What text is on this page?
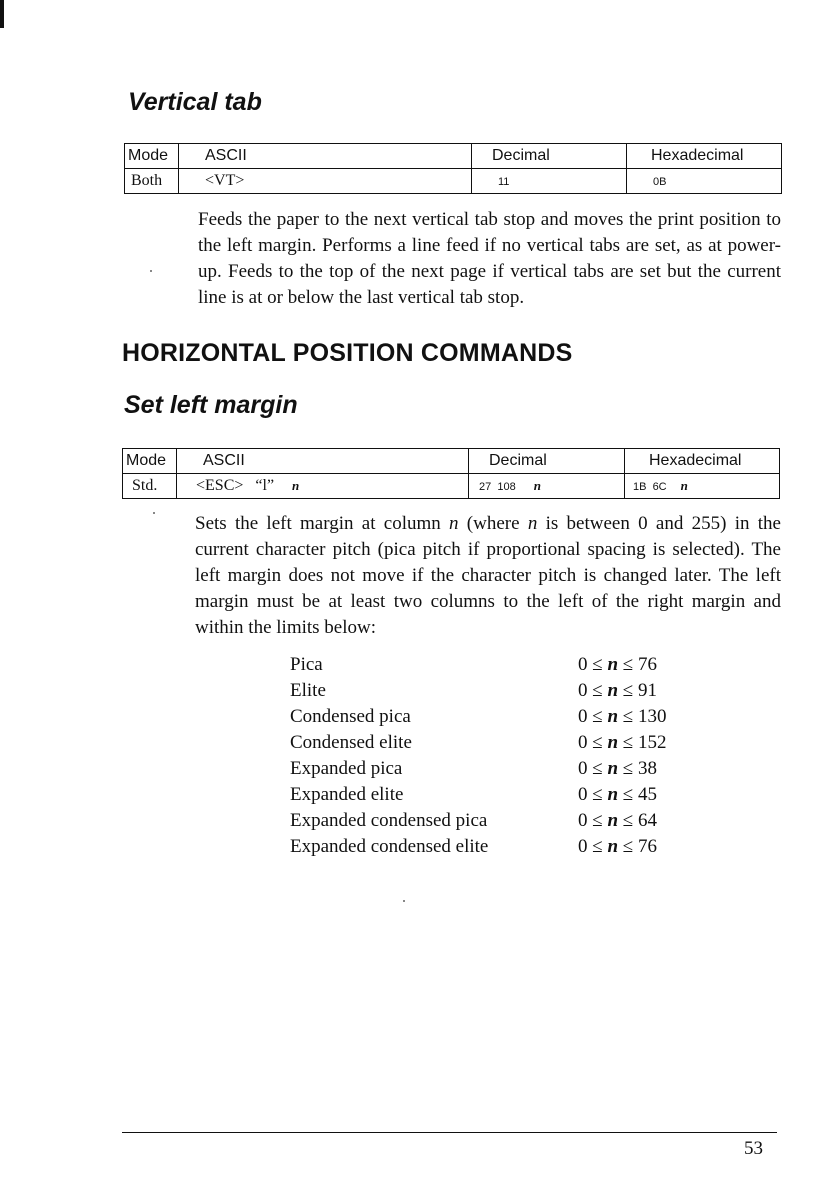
Vertical tab
Mode	ASCII	Decimal	Hexadecimal
Both	<VT>	11	0B
Feeds the paper to the next vertical tab stop and moves the print position to the left margin. Performs a line feed if no vertical tabs are set, as at power-up. Feeds to the top of the next page if vertical tabs are set but the current line is at or below the last vertical tab stop.
HORIZONTAL POSITION COMMANDS
Set left margin
Mode	ASCII	Decimal	Hexadecimal
Std.	<ESC>   “l” n	27  108 n	1B  6C n
Sets the left margin at column n (where n is between 0 and 255) in the current character pitch (pica pitch if proportional spacing is selected). The left margin does not move if the character pitch is changed later. The left margin must be at least two columns to the left of the right margin and within the limits below:
Pica	0 ≤ n ≤ 76
Elite	0 ≤ n ≤ 91
Condensed pica	0 ≤ n ≤ 130
Condensed elite	0 ≤ n ≤ 152
Expanded pica	0 ≤ n ≤ 38
Expanded elite	0 ≤ n ≤ 45
Expanded condensed pica	0 ≤ n ≤ 64
Expanded condensed elite	0 ≤ n ≤ 76
53
